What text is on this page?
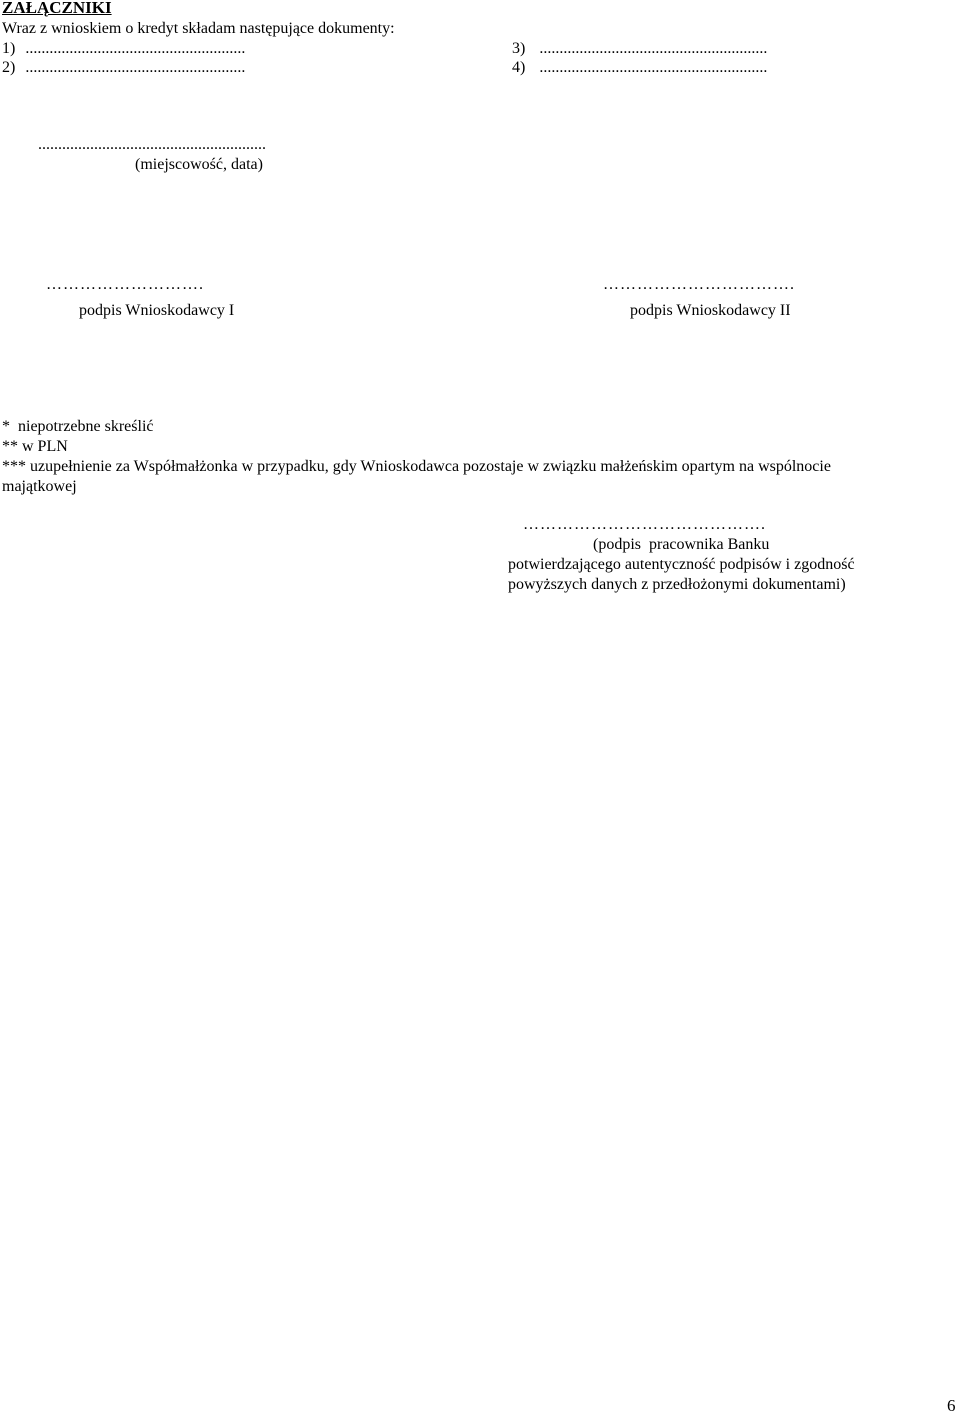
ZAŁĄCZNIKI
Wraz z wnioskiem o kredyt składam następujące dokumenty:
1) .......................................................
2) .......................................................
3) .........................................................
4) .........................................................
.........................................................
(miejscowość, data)
……………………….
podpis Wnioskodawcy I
…………………………….
podpis Wnioskodawcy II
*  niepotrzebne skreślić
** w PLN
*** uzupełnienie za Współmałżonka w przypadku, gdy Wnioskodawca pozostaje w związku małżeńskim opartym na wspólnocie
majątkowej
…………………………………….
(podpis  pracownika Banku
potwierdzającego autentyczność podpisów i zgodność
powyższych danych z przedłożonymi dokumentami)
6
